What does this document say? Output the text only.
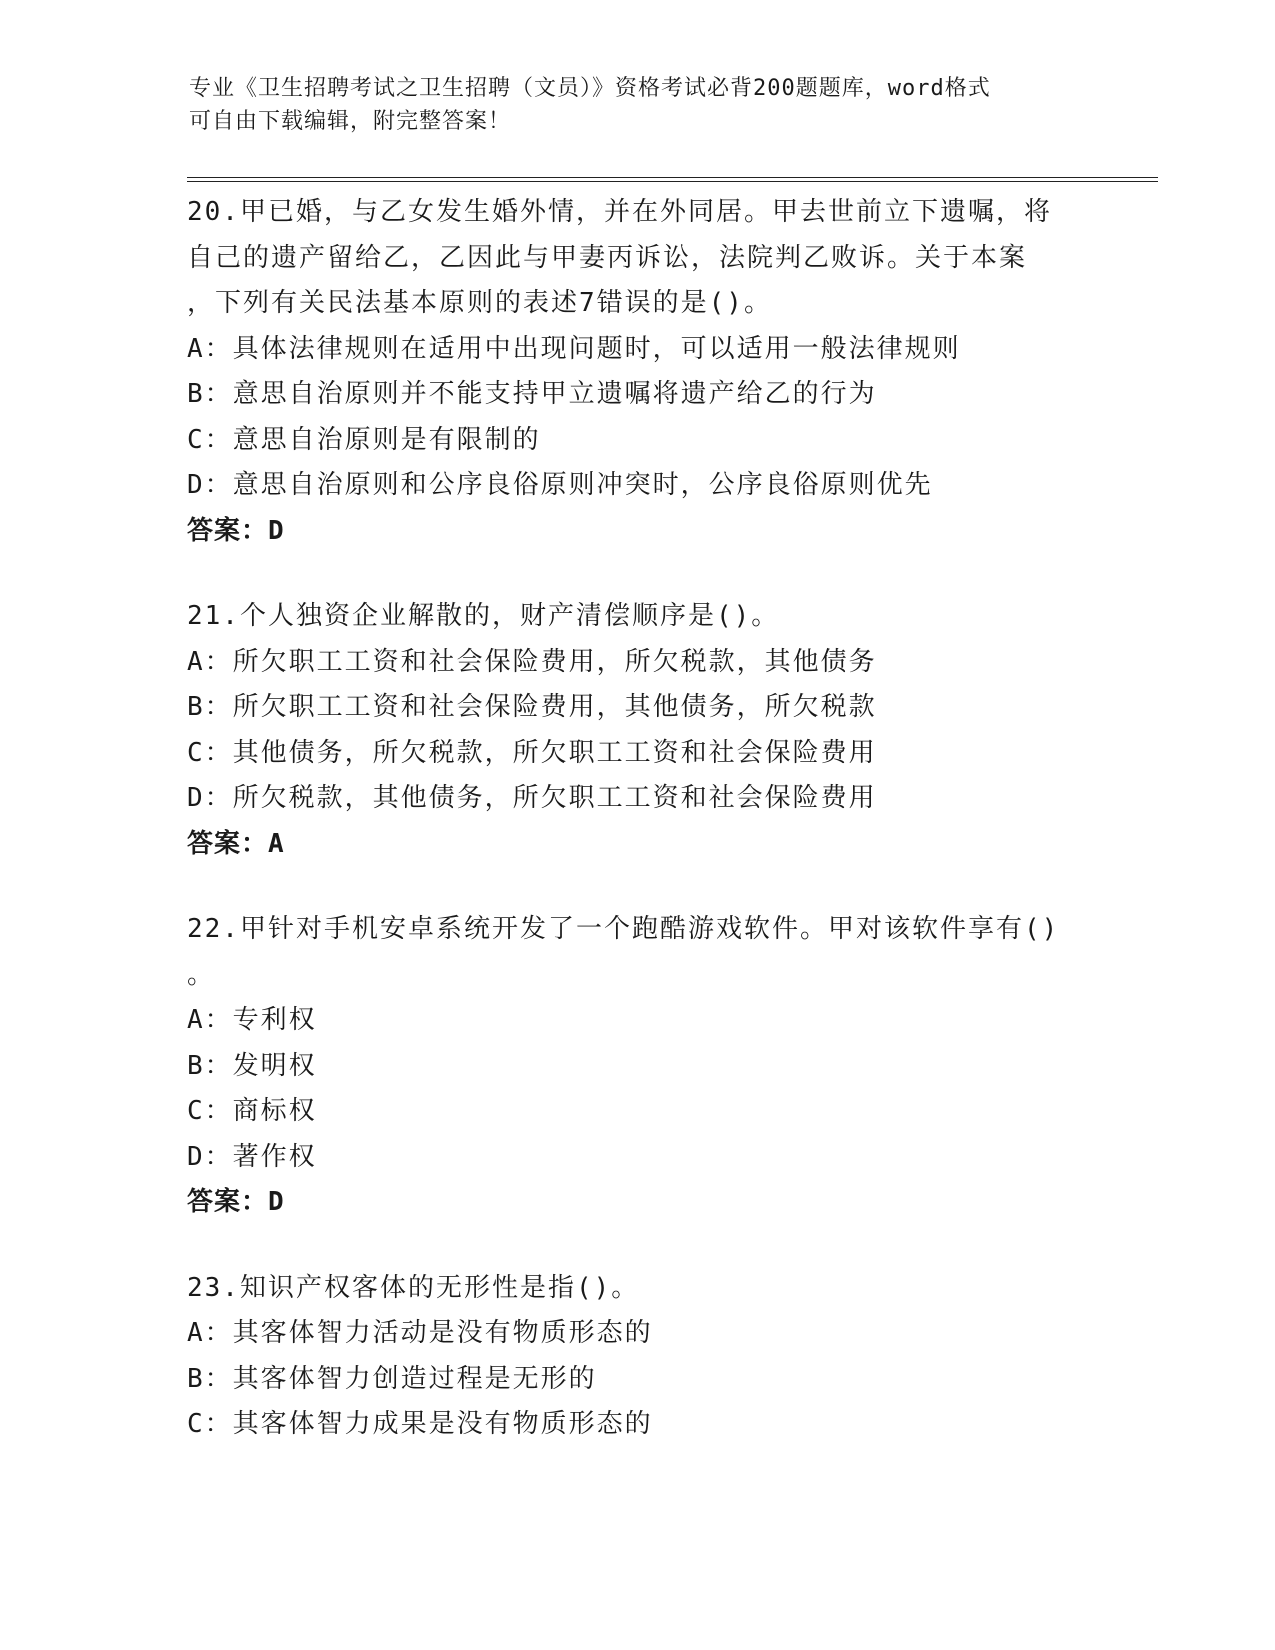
专业《卫生招聘考试之卫生招聘（文员）》资格考试必背200题题库，word格式
可自由下载编辑，附完整答案！
20.甲已婚，与乙女发生婚外情，并在外同居。甲去世前立下遗嘱，将
自己的遗产留给乙，乙因此与甲妻丙诉讼，法院判乙败诉。关于本案
，下列有关民法基本原则的表述7错误的是()。
A：具体法律规则在适用中出现问题时，可以适用一般法律规则
B：意思自治原则并不能支持甲立遗嘱将遗产给乙的行为
C：意思自治原则是有限制的
D：意思自治原则和公序良俗原则冲突时，公序良俗原则优先
答案：D
21.个人独资企业解散的，财产清偿顺序是()。
A：所欠职工工资和社会保险费用，所欠税款，其他债务
B：所欠职工工资和社会保险费用，其他债务，所欠税款
C：其他债务，所欠税款，所欠职工工资和社会保险费用
D：所欠税款，其他债务，所欠职工工资和社会保险费用
答案：A
22.甲针对手机安卓系统开发了一个跑酷游戏软件。甲对该软件享有()
。
A：专利权
B：发明权
C：商标权
D：著作权
答案：D
23.知识产权客体的无形性是指()。
A：其客体智力活动是没有物质形态的
B：其客体智力创造过程是无形的
C：其客体智力成果是没有物质形态的
